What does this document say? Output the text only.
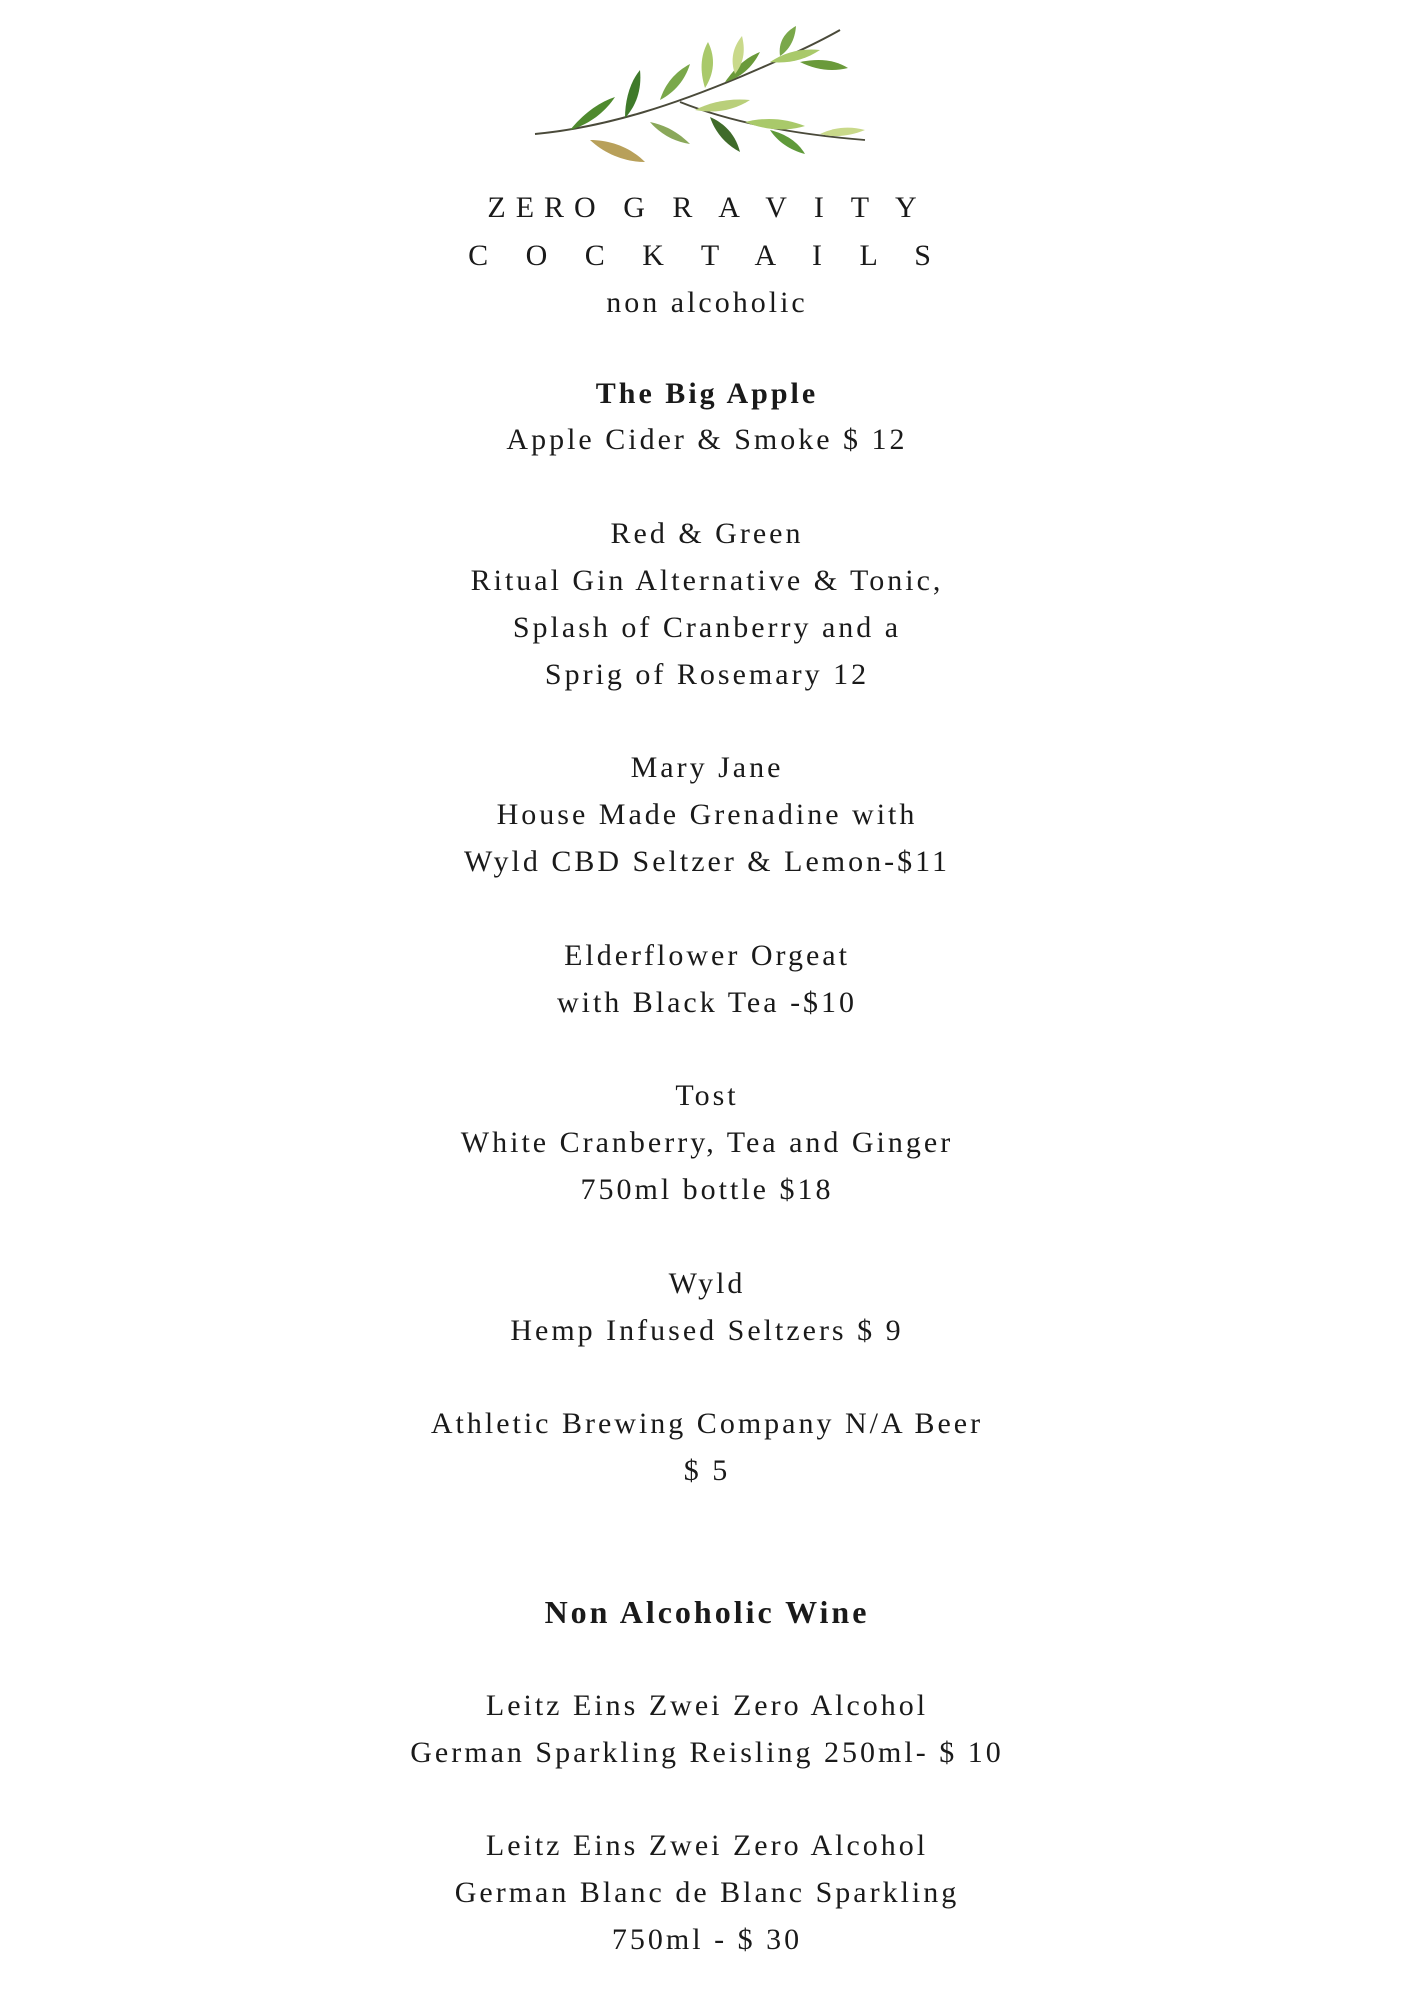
ZERO G R A V I T Y
C O C K T A I L S
non alcoholic
The Big Apple
Apple Cider & Smoke $ 12
Red & Green
Ritual Gin Alternative & Tonic,
Splash of Cranberry and a
Sprig of Rosemary 12
Mary Jane
House Made Grenadine with
Wyld CBD Seltzer & Lemon-$11
Elderflower Orgeat
with Black Tea -$10
Tost
White Cranberry, Tea and Ginger
750ml bottle $18
Wyld
Hemp Infused Seltzers $ 9
Athletic Brewing Company N/A Beer
$ 5
Non Alcoholic Wine
Leitz Eins Zwei Zero Alcohol
German Sparkling Reisling 250ml- $ 10
Leitz Eins Zwei Zero Alcohol
German Blanc de Blanc Sparkling
750ml - $ 30
